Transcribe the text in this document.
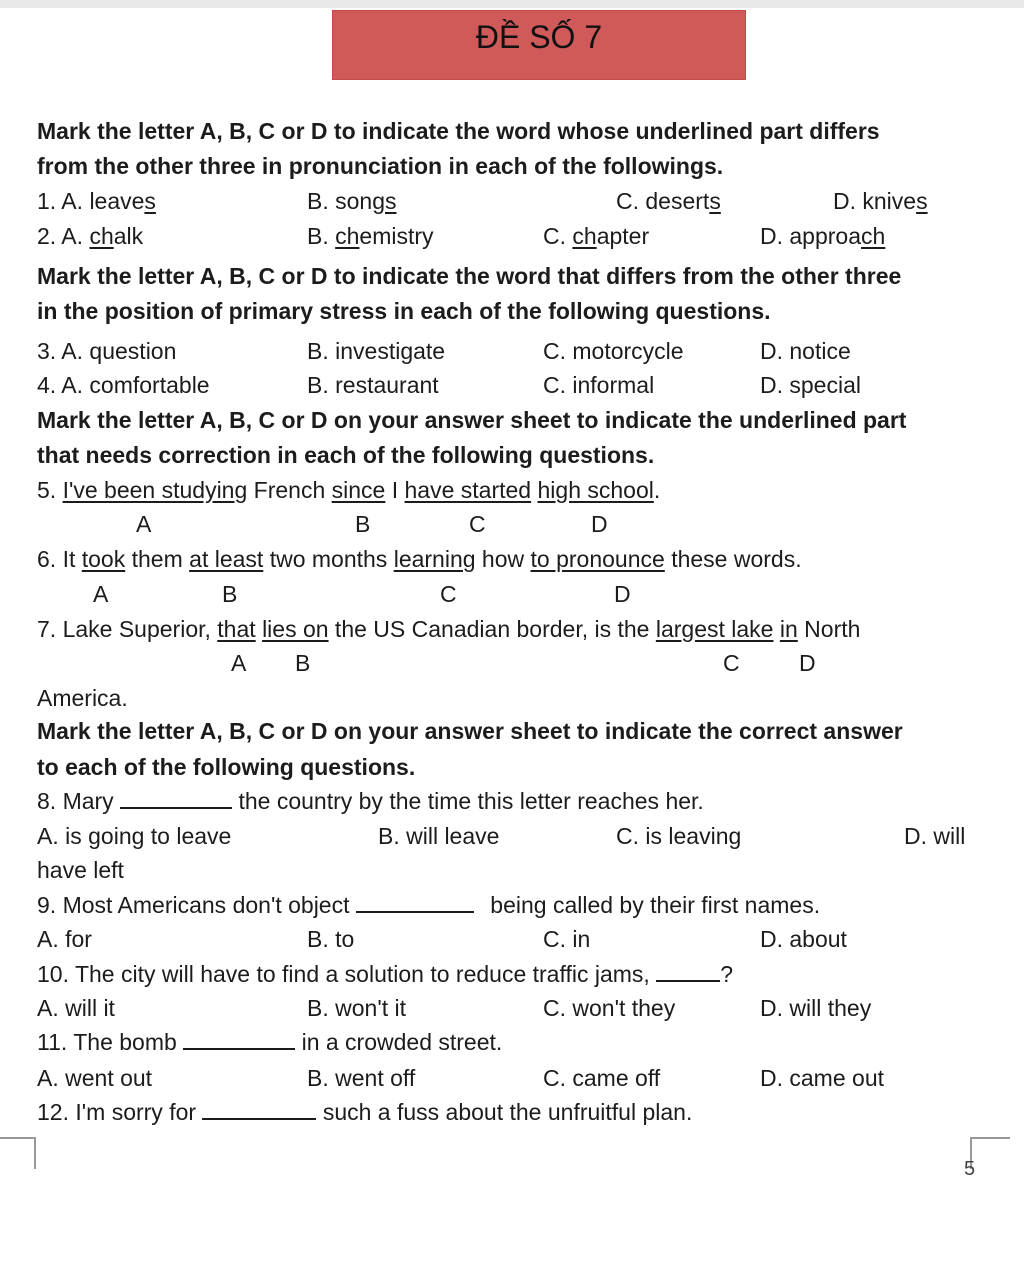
ĐỀ SỐ 7
Mark the letter A, B, C or D to indicate the word whose underlined part differs
from the other three in pronunciation in each of the followings.
1. A. leaves	B. songs	C. deserts	D. knives
2. A. chalk	B. chemistry	C. chapter	D. approach
Mark the letter A, B, C or D to indicate the word that differs from the other three
in the position of primary stress in each of the following questions.
3. A. question	B. investigate	C. motorcycle	D. notice
4. A. comfortable	B. restaurant	C. informal	D. special
Mark the letter A, B, C or D on your answer sheet to indicate the underlined part
that needs correction in each of the following questions.
5. I've been studying French since I have started high school.
A	B	C	D
6. It took them at least two months learning how to pronounce these words.
A	B	C	D
7. Lake Superior, that lies on the US Canadian border, is the largest lake in North
A B	C	D
America.
Mark the letter A, B, C or D on your answer sheet to indicate the correct answer
to each of the following questions.
8. Mary	the country by the time this letter reaches her.
A. is going to leave	B. will leave	C. is leaving	D. will
have left
9. Most Americans don't object	being called by their first names.
A. for	B. to	C. in	D. about
10. The city will have to find a solution to reduce traffic jams,	?
A. will it	B. won't it	C. won't they	D. will they
11. The bomb	in a crowded street.
A. went out	B. went off	C. came off	D. came out
12. I'm sorry for	such a fuss about the unfruitful plan.
5
